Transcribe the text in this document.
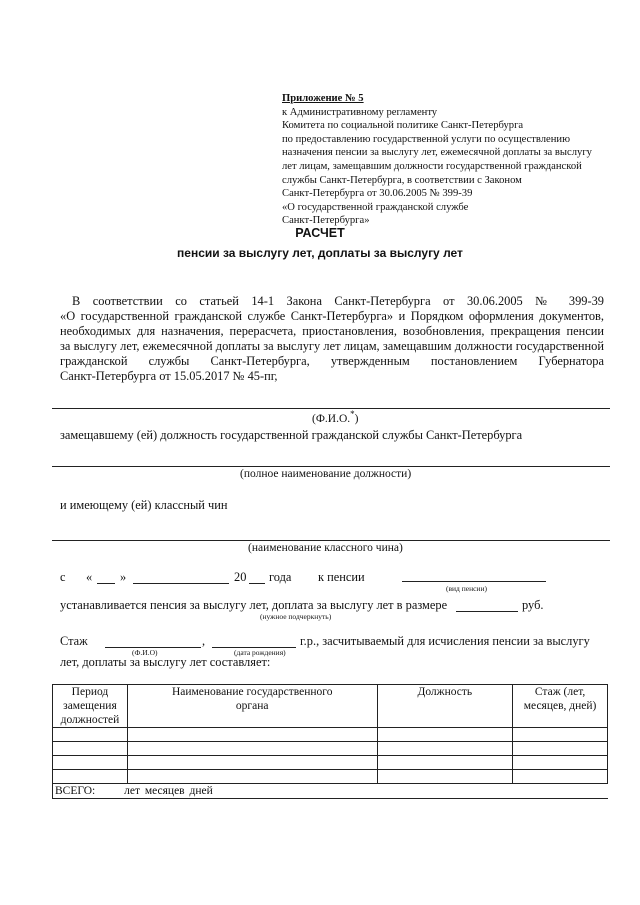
Приложение № 5
к Административному регламенту
Комитета по социальной политике Санкт-Петербурга
по предоставлению государственной услуги по осуществлению
назначения пенсии за выслугу лет, ежемесячной доплаты за выслугу
лет лицам, замещавшим должности государственной гражданской
службы Санкт-Петербурга, в соответствии с Законом
Санкт-Петербурга от 30.06.2005 № 399-39
«О государственной гражданской службе
Санкт-Петербурга»
РАСЧЕТ
пенсии за выслугу лет, доплаты за выслугу лет
В соответствии со статьей 14-1 Закона Санкт-Петербурга от 30.06.2005 № 399-39
«О государственной гражданской службе Санкт-Петербурга» и Порядком оформления документов,
необходимых для назначения, перерасчета, приостановления, возобновления, прекращения пенсии
за выслугу лет, ежемесячной доплаты за выслугу лет лицам, замещавшим должности государственной
гражданской службы Санкт-Петербурга, утвержденным постановлением Губернатора
Санкт-Петербурга от 15.05.2017 № 45-пг,
(Ф.И.О.*)
замещавшему (ей) должность государственной гражданской службы Санкт-Петербурга
(полное наименование должности)
и имеющему (ей) классный чин
(наименование классного чина)
с « »	20 года к пенсии
(вид пенсии)
устанавливается пенсия за выслугу лет, доплата за выслугу лет в размере	руб.
(нужное подчеркнуть)
Стаж	,	г.р., засчитываемый для исчисления пенсии за выслугу
(Ф.И.О)	(дата рождения)
лет, доплаты за выслугу лет составляет:
Период замещения должностей	Наименование государственного органа	Должность	Стаж (лет, месяцев, дней)

ВСЕГО: лет месяцев дней			
